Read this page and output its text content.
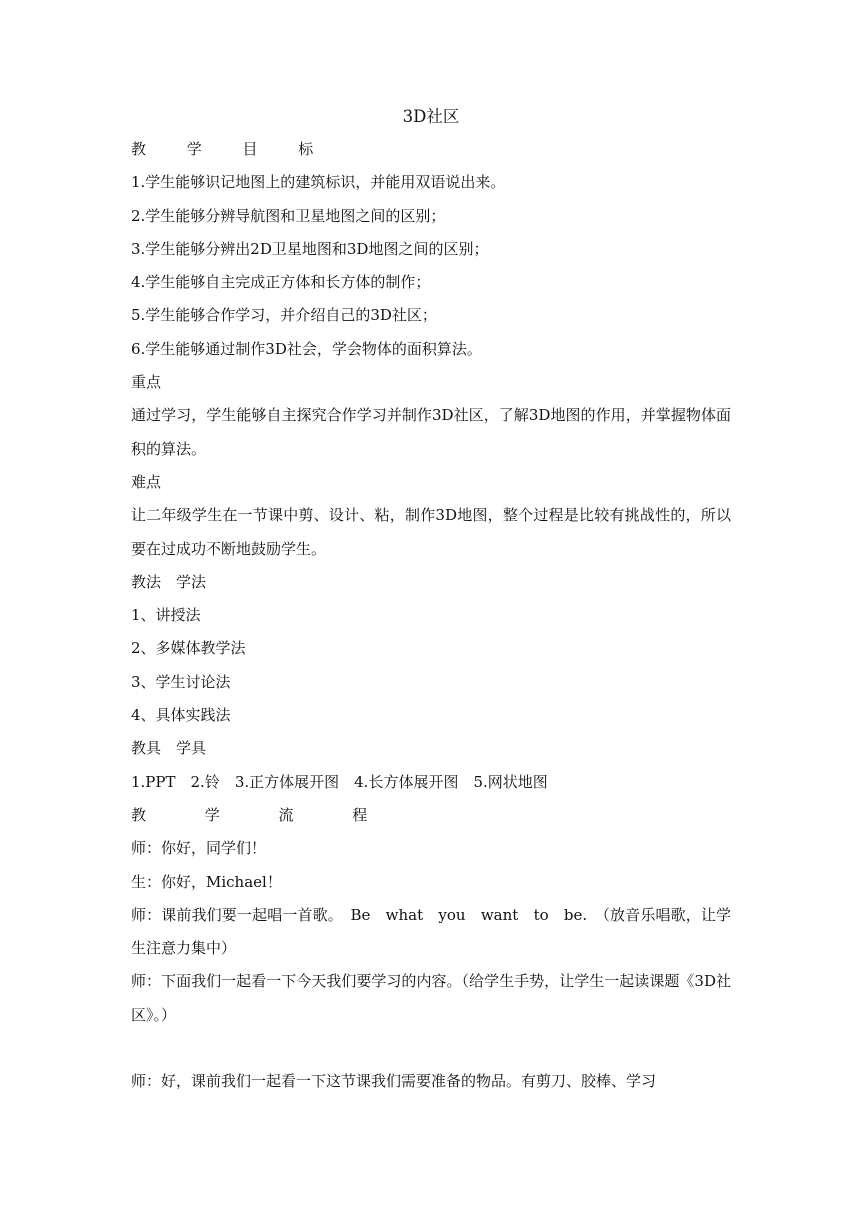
3D社区
教 学 目 标
1.学生能够识记地图上的建筑标识，并能用双语说出来。
2.学生能够分辨导航图和卫星地图之间的区别；
3.学生能够分辨出2D卫星地图和3D地图之间的区别；
4.学生能够自主完成正方体和长方体的制作；
5.学生能够合作学习，并介绍自己的3D社区；
6.学生能够通过制作3D社会，学会物体的面积算法。
重点
通过学习，学生能够自主探究合作学习并制作3D社区，了解3D地图的作用，并掌握物体面积的算法。
难点
让二年级学生在一节课中剪、设计、粘，制作3D地图，整个过程是比较有挑战性的，所以要在过成功不断地鼓励学生。
教法　学法
1、讲授法
2、多媒体教学法
3、学生讨论法
4、具体实践法
教具　学具
1.PPT　2.铃　3.正方体展开图　4.长方体展开图　5.网状地图
教 学 流 程
师：你好，同学们！
生：你好，Michael！
师：课前我们要一起唱一首歌。　Be　what　you　want　to　be.　（放音乐唱歌，让学生注意力集中）
师：下面我们一起看一下今天我们要学习的内容。（给学生手势，让学生一起读课题《3D社区》。）
师：好，课前我们一起看一下这节课我们需要准备的物品。有剪刀、胶棒、学习
